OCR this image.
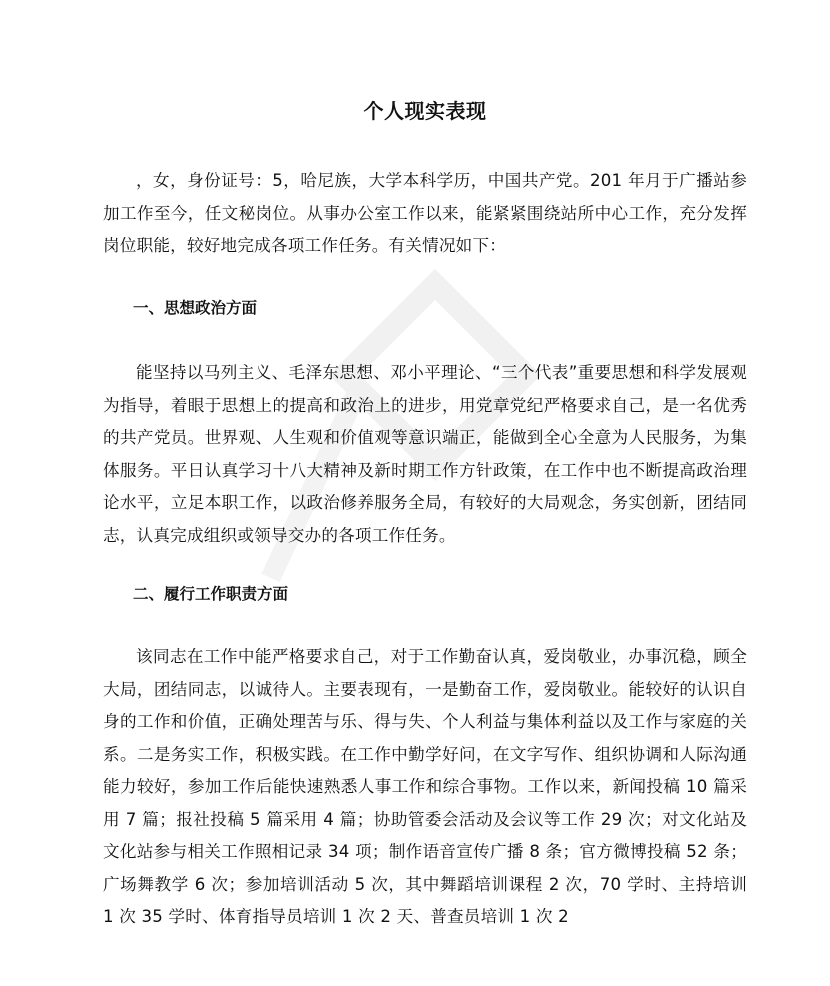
个人现实表现

，女，身份证号：5，哈尼族，大学本科学历，中国共产党。201 年月于广播站参加工作至今，任文秘岗位。从事办公室工作以来，能紧紧围绕站所中心工作，充分发挥岗位职能，较好地完成各项工作任务。有关情况如下：

一、思想政治方面

能坚持以马列主义、毛泽东思想、邓小平理论、“三个代表”重要思想和科学发展观为指导，着眼于思想上的提高和政治上的进步，用党章党纪严格要求自己，是一名优秀的共产党员。世界观、人生观和价值观等意识端正，能做到全心全意为人民服务，为集体服务。平日认真学习十八大精神及新时期工作方针政策，在工作中也不断提高政治理论水平，立足本职工作，以政治修养服务全局，有较好的大局观念，务实创新，团结同志，认真完成组织或领导交办的各项工作任务。

二、履行工作职责方面

该同志在工作中能严格要求自己，对于工作勤奋认真，爱岗敬业，办事沉稳，顾全大局，团结同志，以诚待人。主要表现有，一是勤奋工作，爱岗敬业。能较好的认识自身的工作和价值，正确处理苦与乐、得与失、个人利益与集体利益以及工作与家庭的关系。二是务实工作，积极实践。在工作中勤学好问，在文字写作、组织协调和人际沟通能力较好，参加工作后能快速熟悉人事工作和综合事物。工作以来，新闻投稿 10 篇采用 7 篇；报社投稿 5 篇采用 4 篇；协助管委会活动及会议等工作 29 次；对文化站及文化站参与相关工作照相记录 34 项；制作语音宣传广播 8 条；官方微博投稿 52 条；广场舞教学 6 次；参加培训活动 5 次，其中舞蹈培训课程 2 次，70 学时、主持培训 1 次 35 学时、体育指导员培训 1 次 2 天、普查员培训 1 次 2
